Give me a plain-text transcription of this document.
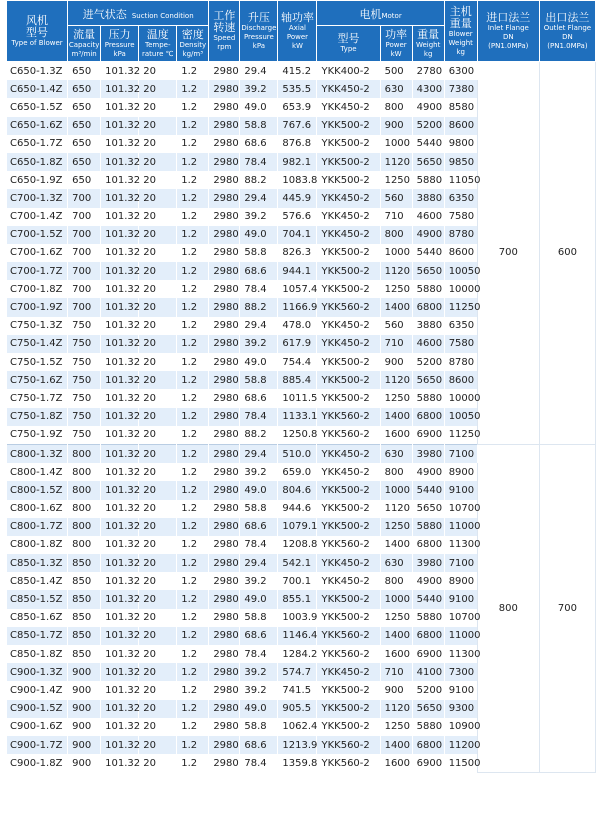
风机
型号
Type of Blower	进气状态 Suction Condition				工作
转速
Speed
rpm	升压
Discharge
Pressure
kPa	轴功率
Axial
Power
kW	电机Motor			主机
重量
Blower
Weight
kg	进口法兰
Inlet Flange
DN
(PN1.0MPa)	出口法兰
Outlet Flange
DN
(PN1.0MPa)

	流量
Capacity
m³/min	压力
Pressure
kPa	温度
Tempe-
rature ℃	密度
Density
kg/m³				型号
Type	功率
Power
kW	重量
Weight
kg			

C650-1.3Z	650	101.32	20	1.2	2980	29.4	415.2	YKK400-2	500	2780	6300	700	600
C650-1.4Z	650	101.32	20	1.2	2980	39.2	535.5	YKK450-2	630	4300	7380		
C650-1.5Z	650	101.32	20	1.2	2980	49.0	653.9	YKK450-2	800	4900	8580		
C650-1.6Z	650	101.32	20	1.2	2980	58.8	767.6	YKK500-2	900	5200	8600		
C650-1.7Z	650	101.32	20	1.2	2980	68.6	876.8	YKK500-2	1000	5440	9800		
C650-1.8Z	650	101.32	20	1.2	2980	78.4	982.1	YKK500-2	1120	5650	9850		
C650-1.9Z	650	101.32	20	1.2	2980	88.2	1083.8	YKK500-2	1250	5880	11050		
C700-1.3Z	700	101.32	20	1.2	2980	29.4	445.9	YKK450-2	560	3880	6350		
C700-1.4Z	700	101.32	20	1.2	2980	39.2	576.6	YKK450-2	710	4600	7580		
C700-1.5Z	700	101.32	20	1.2	2980	49.0	704.1	YKK450-2	800	4900	8780		
C700-1.6Z	700	101.32	20	1.2	2980	58.8	826.3	YKK500-2	1000	5440	8600		
C700-1.7Z	700	101.32	20	1.2	2980	68.6	944.1	YKK500-2	1120	5650	10050		
C700-1.8Z	700	101.32	20	1.2	2980	78.4	1057.4	YKK500-2	1250	5880	10000		
C700-1.9Z	700	101.32	20	1.2	2980	88.2	1166.9	YKK560-2	1400	6800	11250		
C750-1.3Z	750	101.32	20	1.2	2980	29.4	478.0	YKK450-2	560	3880	6350		
C750-1.4Z	750	101.32	20	1.2	2980	39.2	617.9	YKK450-2	710	4600	7580		
C750-1.5Z	750	101.32	20	1.2	2980	49.0	754.4	YKK500-2	900	5200	8780		
C750-1.6Z	750	101.32	20	1.2	2980	58.8	885.4	YKK500-2	1120	5650	8600		
C750-1.7Z	750	101.32	20	1.2	2980	68.6	1011.5	YKK500-2	1250	5880	10000		
C750-1.8Z	750	101.32	20	1.2	2980	78.4	1133.1	YKK560-2	1400	6800	10050		
C750-1.9Z	750	101.32	20	1.2	2980	88.2	1250.8	YKK560-2	1600	6900	11250		
C800-1.3Z	800	101.32	20	1.2	2980	29.4	510.0	YKK450-2	630	3980	7100	800	700
C800-1.4Z	800	101.32	20	1.2	2980	39.2	659.0	YKK450-2	800	4900	8900		
C800-1.5Z	800	101.32	20	1.2	2980	49.0	804.6	YKK500-2	1000	5440	9100		
C800-1.6Z	800	101.32	20	1.2	2980	58.8	944.6	YKK500-2	1120	5650	10700		
C800-1.7Z	800	101.32	20	1.2	2980	68.6	1079.1	YKK500-2	1250	5880	11000		
C800-1.8Z	800	101.32	20	1.2	2980	78.4	1208.8	YKK560-2	1400	6800	11300		
C850-1.3Z	850	101.32	20	1.2	2980	29.4	542.1	YKK450-2	630	3980	7100		
C850-1.4Z	850	101.32	20	1.2	2980	39.2	700.1	YKK450-2	800	4900	8900		
C850-1.5Z	850	101.32	20	1.2	2980	49.0	855.1	YKK500-2	1000	5440	9100		
C850-1.6Z	850	101.32	20	1.2	2980	58.8	1003.9	YKK500-2	1250	5880	10700		
C850-1.7Z	850	101.32	20	1.2	2980	68.6	1146.4	YKK560-2	1400	6800	11000		
C850-1.8Z	850	101.32	20	1.2	2980	78.4	1284.2	YKK560-2	1600	6900	11300		
C900-1.3Z	900	101.32	20	1.2	2980	39.2	574.7	YKK450-2	710	4100	7300		
C900-1.4Z	900	101.32	20	1.2	2980	39.2	741.5	YKK500-2	900	5200	9100		
C900-1.5Z	900	101.32	20	1.2	2980	49.0	905.5	YKK500-2	1120	5650	9300		
C900-1.6Z	900	101.32	20	1.2	2980	58.8	1062.4	YKK500-2	1250	5880	10900		
C900-1.7Z	900	101.32	20	1.2	2980	68.6	1213.9	YKK560-2	1400	6800	11200		
C900-1.8Z	900	101.32	20	1.2	2980	78.4	1359.8	YKK560-2	1600	6900	11500		
